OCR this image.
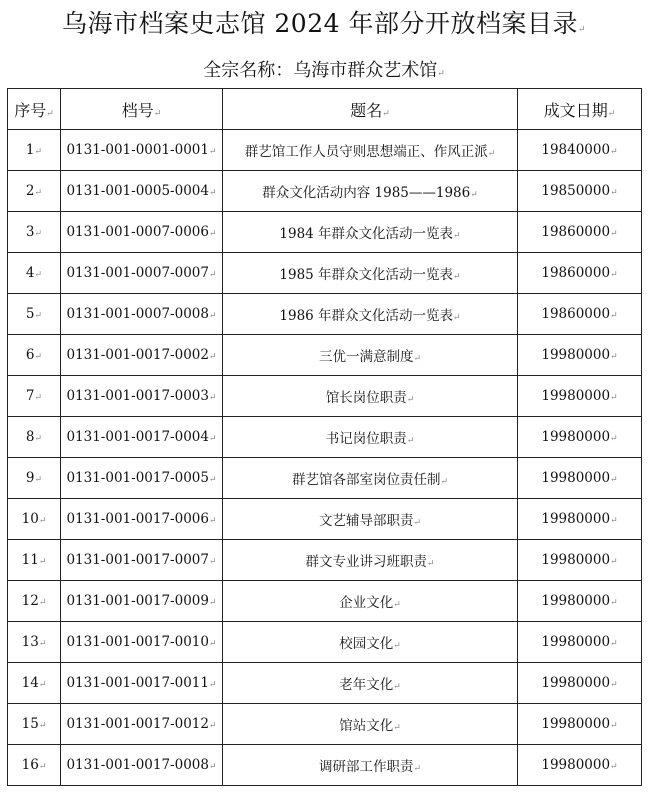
乌海市档案史志馆 2024 年部分开放档案目录 ↵
全宗名称：乌海市群众艺术馆 ↵
序号 ↵	档号 ↵	题名 ↵	成文日期 ↵
1 ↵	0131-001-0001-0001 ↵	群艺馆工作人员守则思想端正、作风正派 ↵	19840000 ↵
2 ↵	0131-001-0005-0004 ↵	群众文化活动内容 1985——1986 ↵	19850000 ↵
3 ↵	0131-001-0007-0006 ↵	1984 年群众文化活动一览表 ↵	19860000 ↵
4 ↵	0131-001-0007-0007 ↵	1985 年群众文化活动一览表 ↵	19860000 ↵
5 ↵	0131-001-0007-0008 ↵	1986 年群众文化活动一览表 ↵	19860000 ↵
6 ↵	0131-001-0017-0002 ↵	三优一满意制度 ↵	19980000 ↵
7 ↵	0131-001-0017-0003 ↵	馆长岗位职责 ↵	19980000 ↵
8 ↵	0131-001-0017-0004 ↵	书记岗位职责 ↵	19980000 ↵
9 ↵	0131-001-0017-0005 ↵	群艺馆各部室岗位责任制 ↵	19980000 ↵
10 ↵	0131-001-0017-0006 ↵	文艺辅导部职责 ↵	19980000 ↵
11 ↵	0131-001-0017-0007 ↵	群文专业讲习班职责 ↵	19980000 ↵
12 ↵	0131-001-0017-0009 ↵	企业文化 ↵	19980000 ↵
13 ↵	0131-001-0017-0010 ↵	校园文化 ↵	19980000 ↵
14 ↵	0131-001-0017-0011 ↵	老年文化 ↵	19980000 ↵
15 ↵	0131-001-0017-0012 ↵	馆站文化 ↵	19980000 ↵
16 ↵	0131-001-0017-0008 ↵	调研部工作职责 ↵	19980000 ↵
